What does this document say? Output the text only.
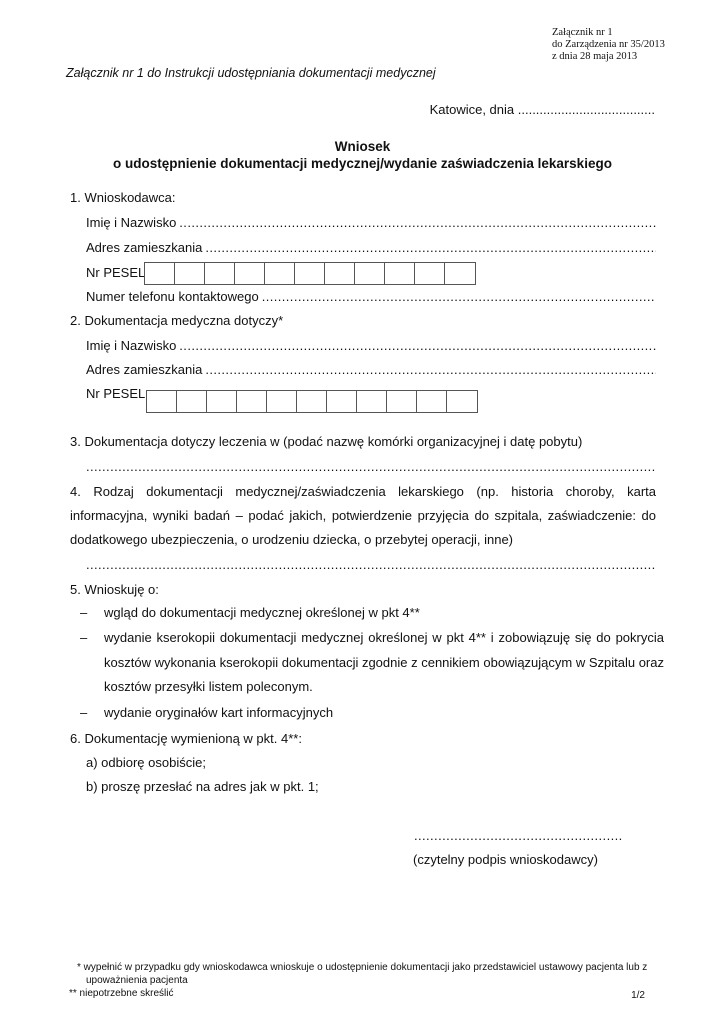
Załącznik nr 1
do Zarządzenia nr 35/2013
z dnia 28 maja 2013
Załącznik nr 1 do Instrukcji udostępniania dokumentacji medycznej
Katowice, dnia ......................................
Wniosek
o udostępnienie dokumentacji medycznej/wydanie zaświadczenia lekarskiego
1. Wnioskodawca:
Imię i Nazwisko
.....
Adres zamieszkania
.....
Nr PESEL
Numer telefonu kontaktowego
.....
2. Dokumentacja medyczna dotyczy*
Imię i Nazwisko
.....
Adres zamieszkania
.....
Nr PESEL
3. Dokumentacja dotyczy leczenia w (podać nazwę komórki organizacyjnej i datę pobytu)
.....
4. Rodzaj dokumentacji medycznej/zaświadczenia lekarskiego (np. historia choroby, karta informacyjna, wyniki badań – podać jakich, potwierdzenie przyjęcia do szpitala, zaświadczenie: do dodatkowego ubezpieczenia, o urodzeniu dziecka, o przebytej operacji, inne)
.....
5. Wnioskuję o:
– wgląd do dokumentacji medycznej określonej w pkt 4**
– wydanie kserokopii dokumentacji medycznej określonej w pkt 4** i zobowiązuję się do pokrycia kosztów wykonania kserokopii dokumentacji zgodnie z cennikiem obowiązującym w Szpitalu oraz kosztów przesyłki listem poleconym.
– wydanie oryginałów kart informacyjnych
6. Dokumentację wymienioną w pkt. 4**:
a) odbiorę osobiście;
b) proszę przesłać na adres jak w pkt. 1;
....................................................
(czytelny podpis wnioskodawcy)
* wypełnić w przypadku gdy wnioskodawca wnioskuje o udostępnienie dokumentacji jako przedstawiciel ustawowy pacjenta lub z
upoważnienia pacjenta
** niepotrzebne skreślić	1/2
